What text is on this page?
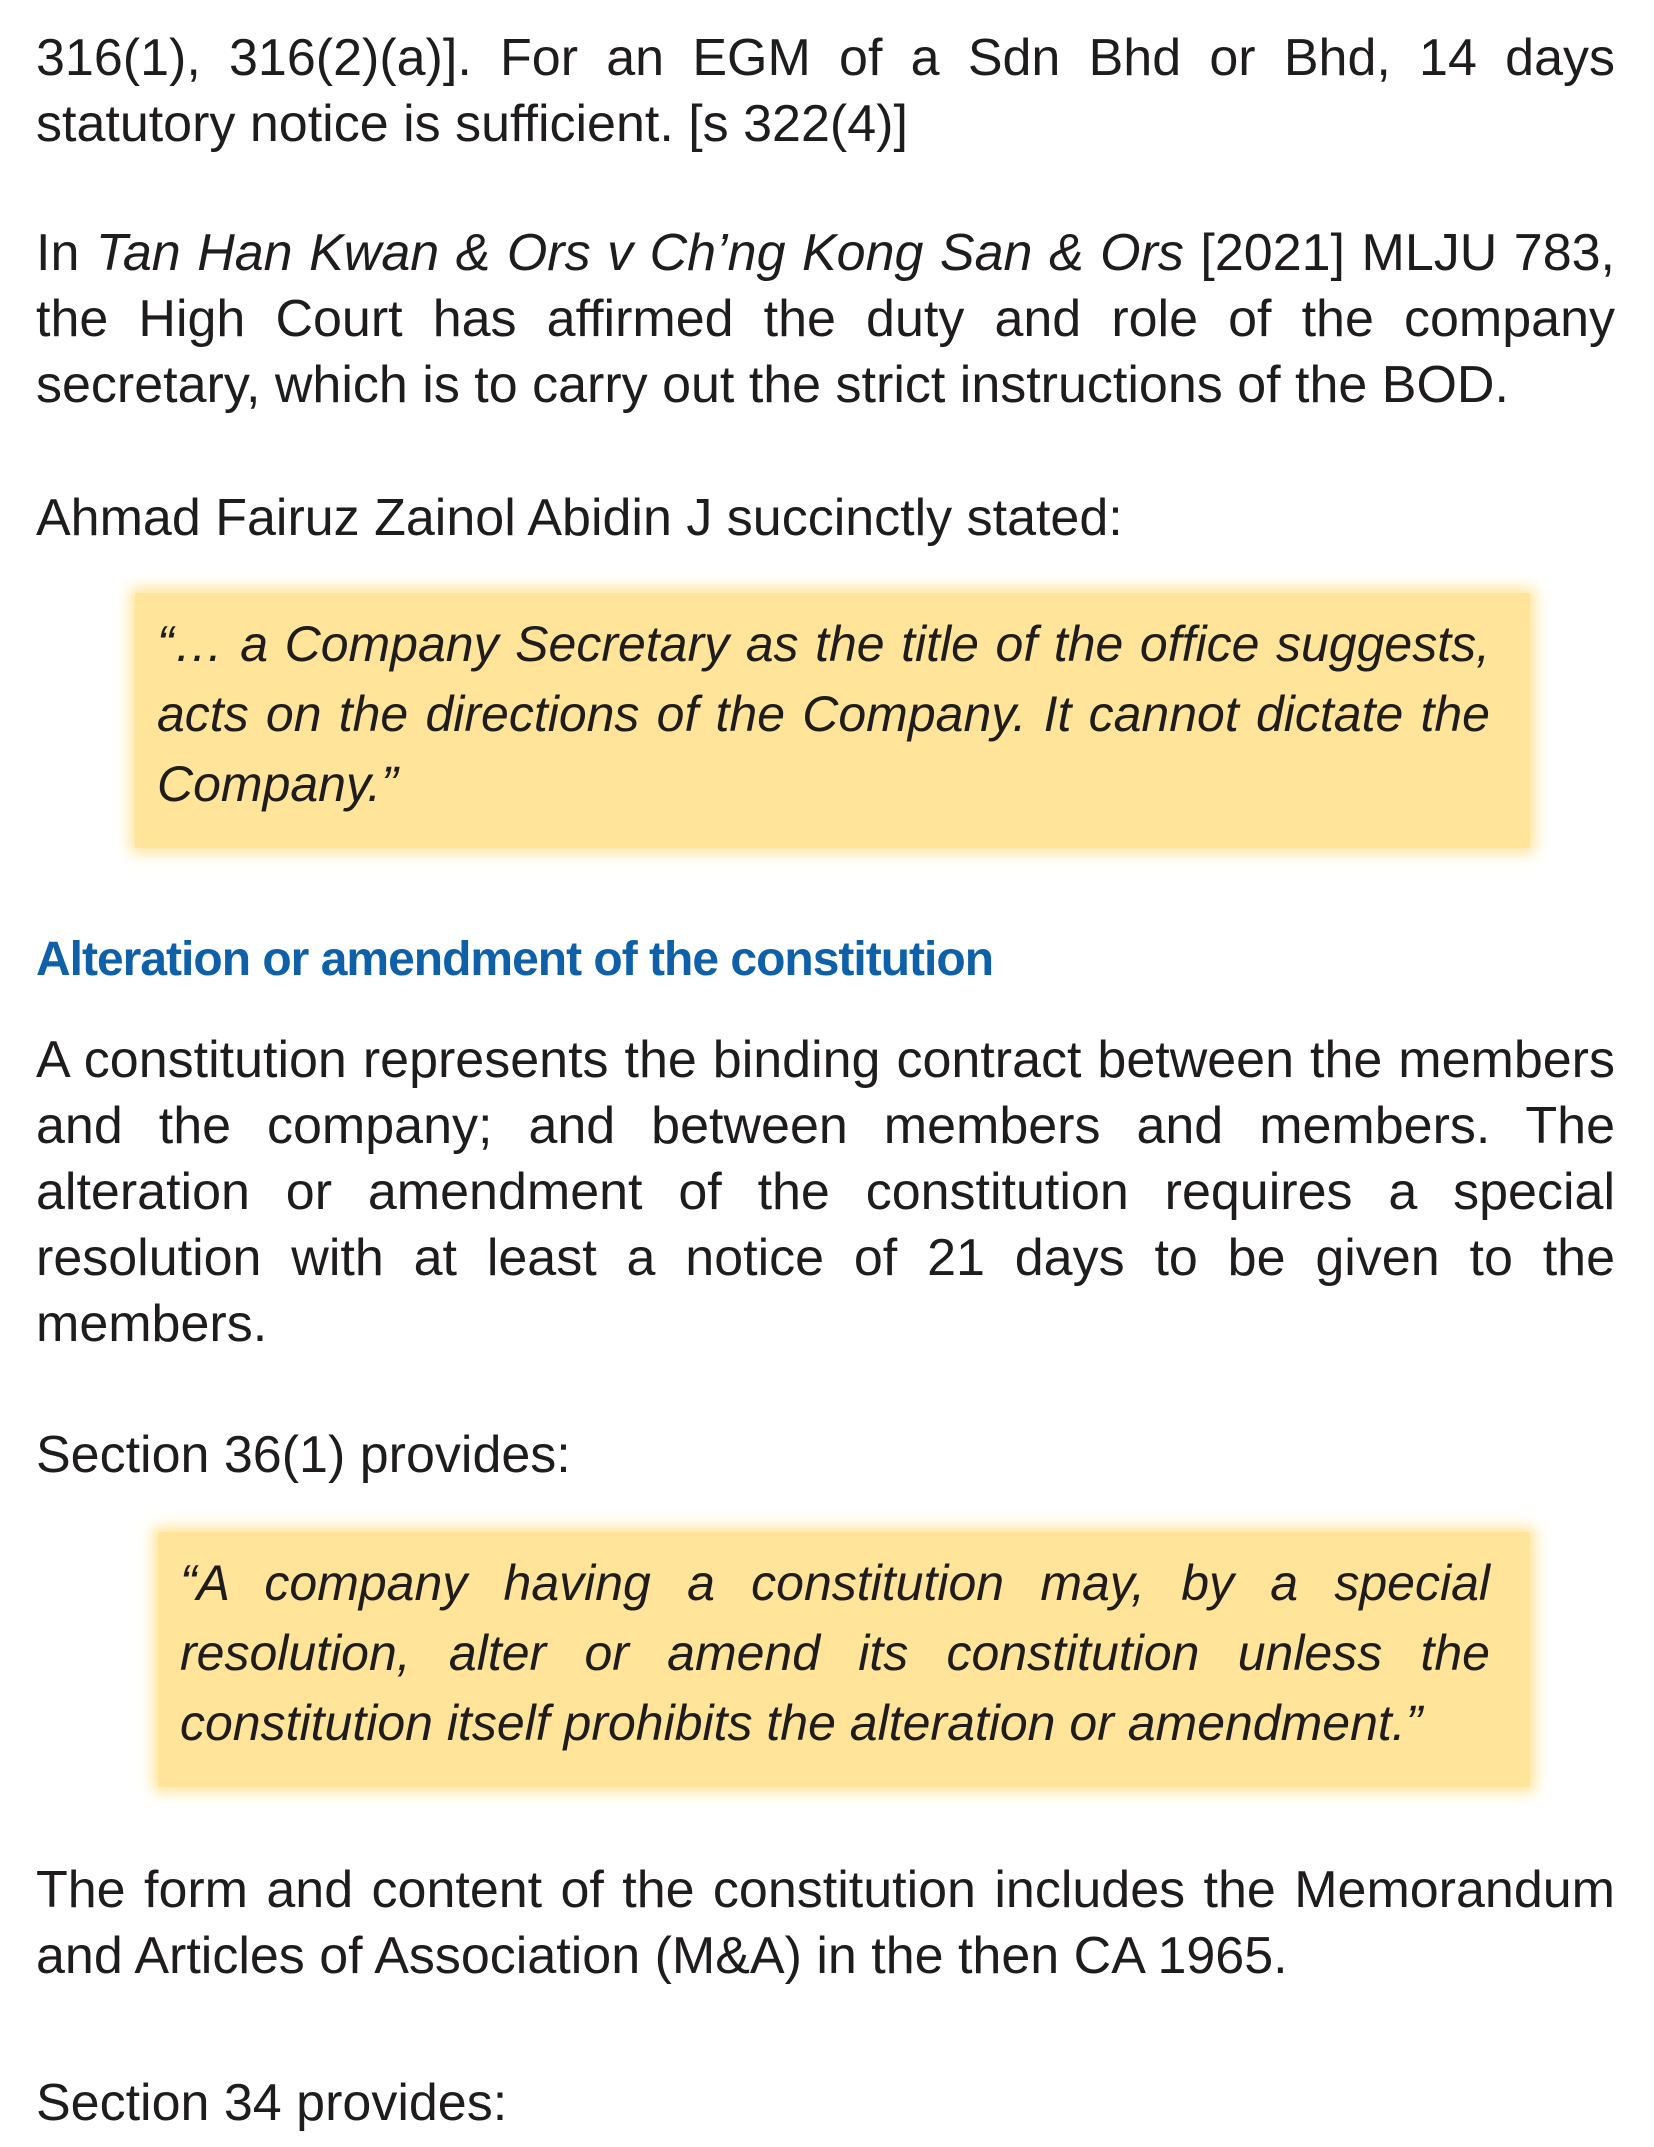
316(1), 316(2)(a)]. For an EGM of a Sdn Bhd or Bhd, 14 days statutory notice is sufficient. [s 322(4)]

In Tan Han Kwan & Ors v Ch’ng Kong San & Ors [2021] MLJU 783, the High Court has affirmed the duty and role of the company secretary, which is to carry out the strict instructions of the BOD.

Ahmad Fairuz Zainol Abidin J succinctly stated:

“… a Company Secretary as the title of the office suggests, acts on the directions of the Company. It cannot dictate the Company.”
Alteration or amendment of the constitution

A constitution represents the binding contract between the members and the company; and between members and members. The alteration or amendment of the constitution requires a special resolution with at least a notice of 21 days to be given to the members.

Section 36(1) provides:

“A company having a constitution may, by a special resolution, alter or amend its constitution unless the constitution itself prohibits the alteration or amendment.”

The form and content of the constitution includes the Memorandum and Articles of Association (M&A) in the then CA 1965.

Section 34 provides:
